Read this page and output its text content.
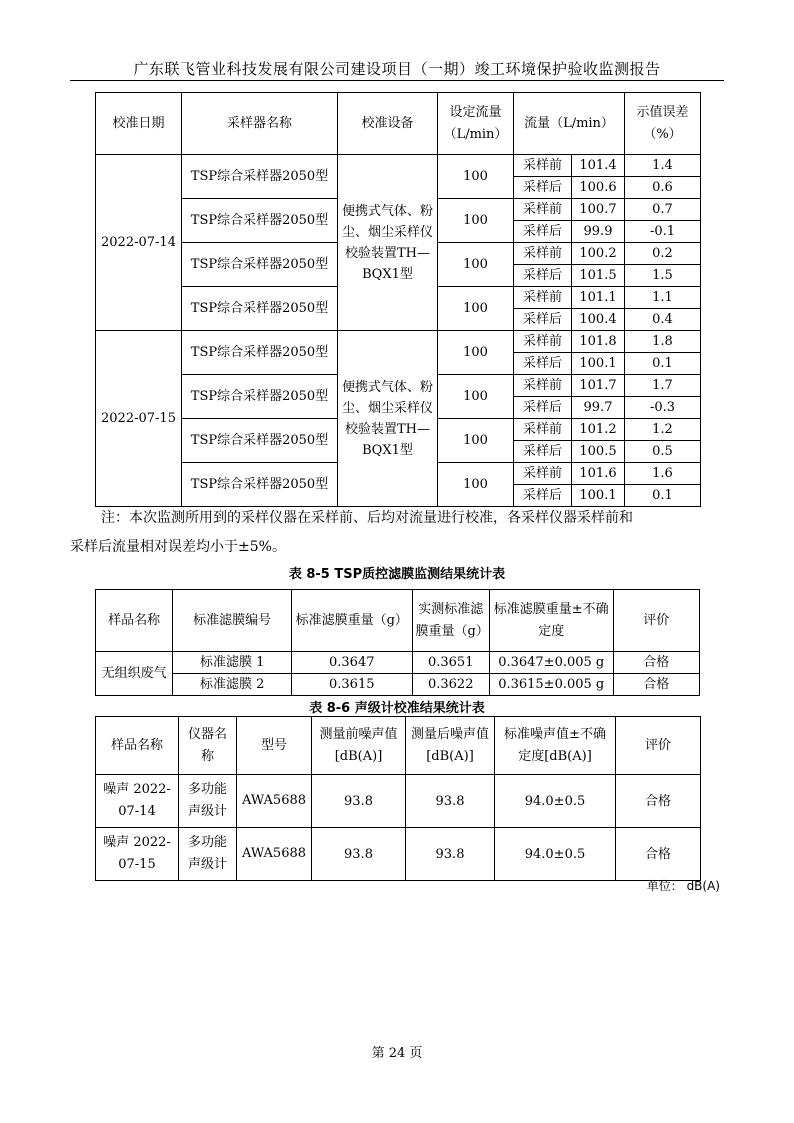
广东联飞管业科技发展有限公司建设项目（一期）竣工环境保护验收监测报告
校准日期	采样器名称	校准设备	设定流量（L/min）	流量（L/min）		示值误差（%）
2022-07-14	TSP综合采样器2050型	便携式气体、粉尘、烟尘采样仪校验装置TH—BQX1型	100	采样前	101.4	1.4
				采样后	100.6	0.6
	TSP综合采样器2050型		100	采样前	100.7	0.7
				采样后	99.9	-0.1
	TSP综合采样器2050型		100	采样前	100.2	0.2
				采样后	101.5	1.5
	TSP综合采样器2050型		100	采样前	101.1	1.1
				采样后	100.4	0.4
2022-07-15	TSP综合采样器2050型	便携式气体、粉尘、烟尘采样仪校验装置TH—BQX1型	100	采样前	101.8	1.8
				采样后	100.1	0.1
	TSP综合采样器2050型		100	采样前	101.7	1.7
				采样后	99.7	-0.3
	TSP综合采样器2050型		100	采样前	101.2	1.2
				采样后	100.5	0.5
	TSP综合采样器2050型		100	采样前	101.6	1.6
				采样后	100.1	0.1
注：本次监测所用到的采样仪器在采样前、后均对流量进行校准，各采样仪器采样前和
采样后流量相对误差均小于±5%。
表 8-5 TSP质控滤膜监测结果统计表
样品名称	标准滤膜编号	标准滤膜重量（g）	实测标准滤膜重量（g）	标准滤膜重量±不确定度	评价
无组织废气	标准滤膜 1	0.3647	0.3651	0.3647±0.005 g	合格
	标准滤膜 2	0.3615	0.3622	0.3615±0.005 g	合格
表 8-6 声级计校准结果统计表
样品名称	仪器名称	型号	测量前噪声值[dB(A)]	测量后噪声值[dB(A)]	标准噪声值±不确定度[dB(A)]	评价
噪声 2022-07-14	多功能声级计	AWA5688	93.8	93.8	94.0±0.5	合格
噪声 2022-07-15	多功能声级计	AWA5688	93.8	93.8	94.0±0.5	合格
单位： dB(A)
第 24 页
